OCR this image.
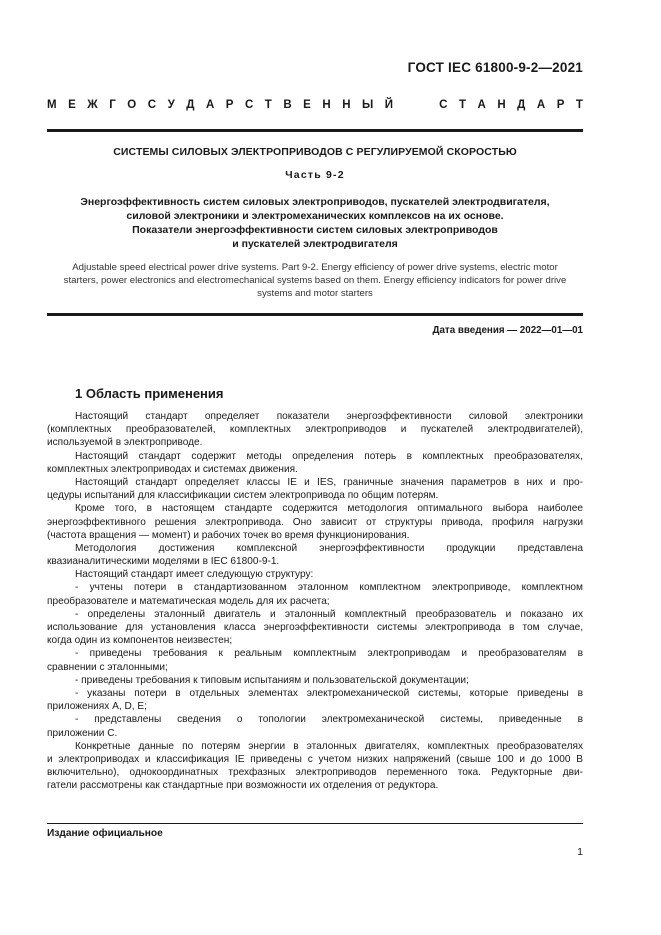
ГОСТ IEC 61800-9-2—2021
М Е Ж Г О С У Д А Р С Т В Е Н Н Ы Й	С Т А Н Д А Р Т
СИСТЕМЫ СИЛОВЫХ ЭЛЕКТРОПРИВОДОВ С РЕГУЛИРУЕМОЙ СКОРОСТЬЮ
Часть 9-2
Энергоэффективность систем силовых электроприводов, пускателей электродвигателя,
силовой электроники и электромеханических комплексов на их основе.
Показатели энергоэффективности систем силовых электроприводов
и пускателей электродвигателя
Adjustable speed electrical power drive systems. Part 9-2. Energy efficiency of power drive systems, electric motor
starters, power electronics and electromechanical systems based on them. Energy efficiency indicators for power drive
systems and motor starters
Дата введения — 2022—01—01
1 Область применения
Настоящий стандарт определяет показатели энергоэффективности силовой электроники
(комплектных преобразователей, комплектных электроприводов и пускателей электродвигателей),
используемой в электроприводе.
Настоящий стандарт содержит методы определения потерь в комплектных преобразователях,
комплектных электроприводах и системах движения.
Настоящий стандарт определяет классы IE и IES, граничные значения параметров в них и про-
цедуры испытаний для классификации систем электропривода по общим потерям.
Кроме того, в настоящем стандарте содержится методология оптимального выбора наиболее
энергоэффективного решения электропривода. Оно зависит от структуры привода, профиля нагрузки
(частота вращения — момент) и рабочих точек во время функционирования.
Методология достижения комплексной энергоэффективности продукции представлена
квазианалитическими моделями в IEC 61800-9-1.
Настоящий стандарт имеет следующую структуру:
- учтены потери в стандартизованном эталонном комплектном электроприводе, комплектном
преобразователе и математическая модель для их расчета;
- определены эталонный двигатель и эталонный комплектный преобразователь и показано их
использование для установления класса энергоэффективности системы электропривода в том случае,
когда один из компонентов неизвестен;
- приведены требования к реальным комплектным электроприводам и преобразователям в
сравнении с эталонными;
- приведены требования к типовым испытаниям и пользовательской документации;
- указаны потери в отдельных элементах электромеханической системы, которые приведены в
приложениях А, D, Е;
- представлены сведения о топологии электромеханической системы, приведенные в
приложении С.
Конкретные данные по потерям энергии в эталонных двигателях, комплектных преобразователях
и электроприводах и классификация IE приведены с учетом низких напряжений (свыше 100 и до 1000 В
включительно), однокоординатных трехфазных электроприводов переменного тока. Редукторные дви-
гатели рассмотрены как стандартные при возможности их отделения от редуктора.
Издание официальное
1
